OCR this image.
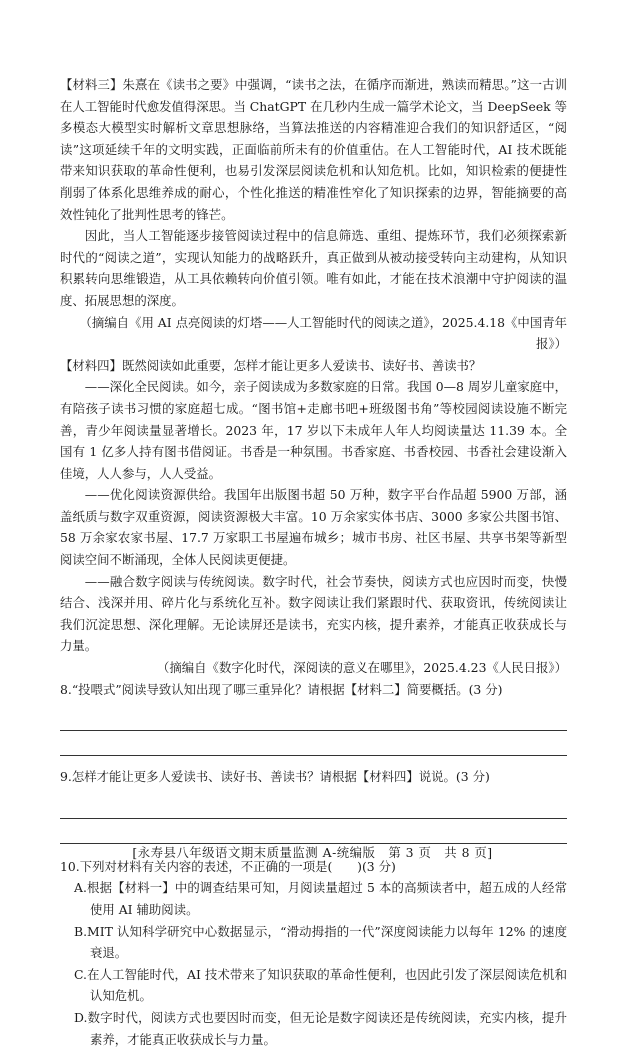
【材料三】朱熹在《读书之要》中强调，“读书之法，在循序而渐进，熟读而精思。”这一古训在人工智能时代愈发值得深思。当 ChatGPT 在几秒内生成一篇学术论文，当 DeepSeek 等多模态大模型实时解析文章思想脉络，当算法推送的内容精准迎合我们的知识舒适区，“阅读”这项延续千年的文明实践，正面临前所未有的价值重估。在人工智能时代，AI 技术既能带来知识获取的革命性便利，也易引发深层阅读危机和认知危机。比如，知识检索的便捷性削弱了体系化思维养成的耐心，个性化推送的精准性窄化了知识探索的边界，智能摘要的高效性钝化了批判性思考的锋芒。

因此，当人工智能逐步接管阅读过程中的信息筛选、重组、提炼环节，我们必须探索新时代的“阅读之道”，实现认知能力的战略跃升，真正做到从被动接受转向主动建构，从知识积累转向思维锻造，从工具依赖转向价值引领。唯有如此，才能在技术浪潮中守护阅读的温度、拓展思想的深度。

（摘编自《用 AI 点亮阅读的灯塔——人工智能时代的阅读之道》，2025.4.18《中国青年报》）

【材料四】既然阅读如此重要，怎样才能让更多人爱读书、读好书、善读书？

——深化全民阅读。如今，亲子阅读成为多数家庭的日常。我国 0—8 周岁儿童家庭中，有陪孩子读书习惯的家庭超七成。“图书馆+走廊书吧+班级图书角”等校园阅读设施不断完善，青少年阅读量显著增长。2023 年，17 岁以下未成年人年人均阅读量达 11.39 本。全国有 1 亿多人持有图书借阅证。书香是一种氛围。书香家庭、书香校园、书香社会建设渐入佳境，人人参与，人人受益。

——优化阅读资源供给。我国年出版图书超 50 万种，数字平台作品超 5900 万部，涵盖纸质与数字双重资源，阅读资源极大丰富。10 万余家实体书店、3000 多家公共图书馆、58 万余家农家书屋、17.7 万家职工书屋遍布城乡；城市书房、社区书屋、共享书架等新型阅读空间不断涌现，全体人民阅读更便捷。

——融合数字阅读与传统阅读。数字时代，社会节奏快，阅读方式也应因时而变，快慢结合、浅深并用、碎片化与系统化互补。数字阅读让我们紧跟时代、获取资讯，传统阅读让我们沉淀思想、深化理解。无论读屏还是读书，充实内核，提升素养，才能真正收获成长与力量。

（摘编自《数字化时代，深阅读的意义在哪里》，2025.4.23《人民日报》）

8.“投喂式”阅读导致认知出现了哪三重异化？请根据【材料二】简要概括。(3 分)

9.怎样才能让更多人爱读书、读好书、善读书？请根据【材料四】说说。(3 分)

10.下列对材料有关内容的表述，不正确的一项是(　　)(3 分)

A.根据【材料一】中的调查结果可知，月阅读量超过 5 本的高频读者中，超五成的人经常使用 AI 辅助阅读。

B.MIT 认知科学研究中心数据显示，“滑动拇指的一代”深度阅读能力以每年 12% 的速度衰退。

C.在人工智能时代，AI 技术带来了知识获取的革命性便利，也因此引发了深层阅读危机和认知危机。

D.数字时代，阅读方式也要因时而变，但无论是数字阅读还是传统阅读，充实内核，提升素养，才能真正收获成长与力量。

[永寿县八年级语文期末质量监测 A-统编版　第 3 页　共 8 页]
